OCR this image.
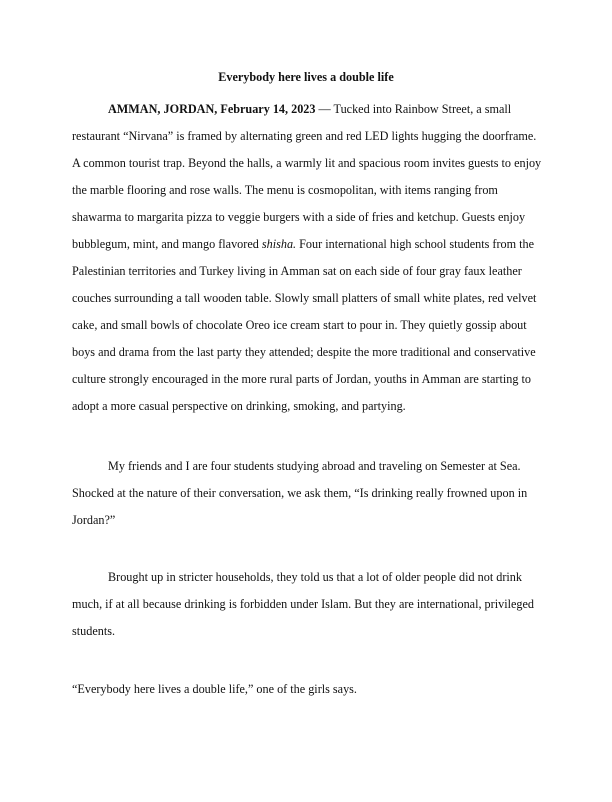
Everybody here lives a double life
AMMAN, JORDAN, February 14, 2023 — Tucked into Rainbow Street, a small
restaurant “Nirvana” is framed by alternating green and red LED lights hugging the doorframe.
A common tourist trap. Beyond the halls, a warmly lit and spacious room invites guests to enjoy
the marble flooring and rose walls. The menu is cosmopolitan, with items ranging from
shawarma to margarita pizza to veggie burgers with a side of fries and ketchup. Guests enjoy
bubblegum, mint, and mango flavored shisha. Four international high school students from the
Palestinian territories and Turkey living in Amman sat on each side of four gray faux leather
couches surrounding a tall wooden table. Slowly small platters of small white plates, red velvet
cake, and small bowls of chocolate Oreo ice cream start to pour in. They quietly gossip about
boys and drama from the last party they attended; despite the more traditional and conservative
culture strongly encouraged in the more rural parts of Jordan, youths in Amman are starting to
adopt a more casual perspective on drinking, smoking, and partying.
My friends and I are four students studying abroad and traveling on Semester at Sea.
Shocked at the nature of their conversation, we ask them, “Is drinking really frowned upon in
Jordan?”
Brought up in stricter households, they told us that a lot of older people did not drink
much, if at all because drinking is forbidden under Islam. But they are international, privileged
students.
“Everybody here lives a double life,” one of the girls says.
